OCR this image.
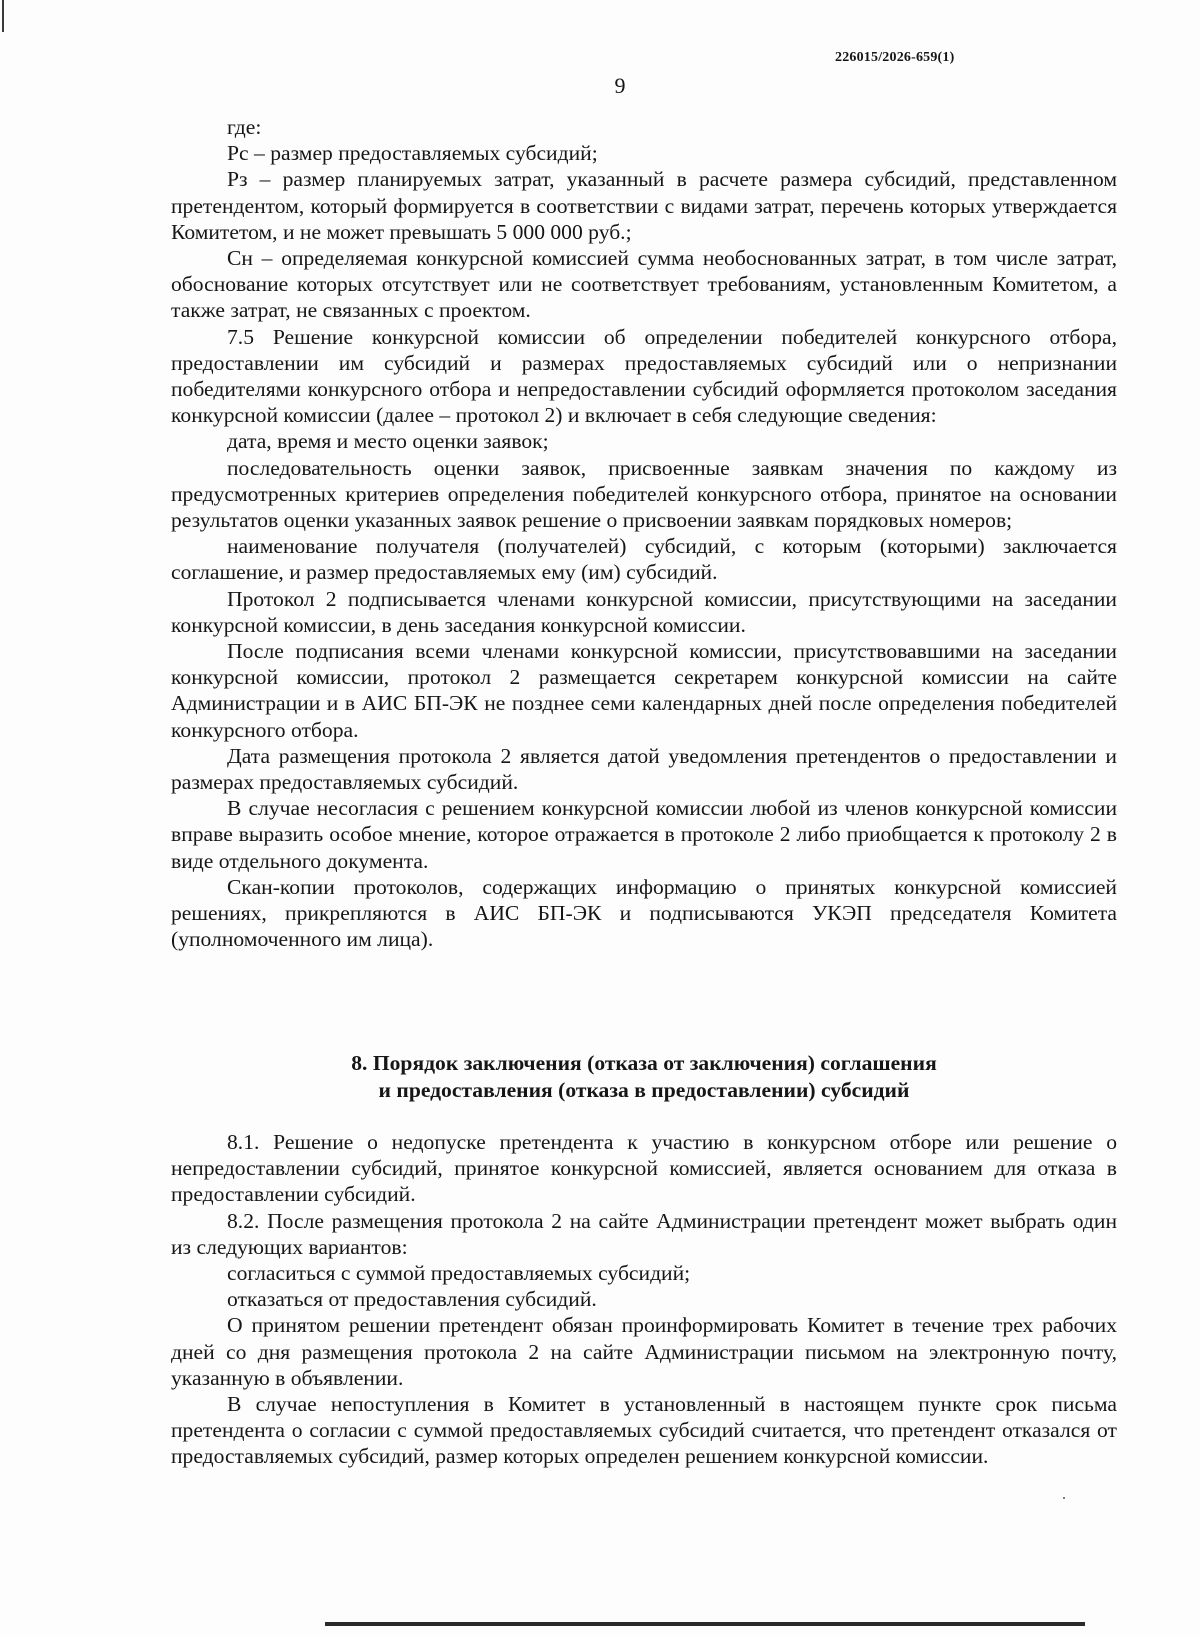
226015/2026-659(1)
9

где:

Рс – размер предоставляемых субсидий;

Рз – размер планируемых затрат, указанный в расчете размера субсидий, представленном претендентом, который формируется в соответствии с видами затрат, перечень которых утверждается Комитетом, и не может превышать 5 000 000 руб.;

Сн – определяемая конкурсной комиссией сумма необоснованных затрат, в том числе затрат, обоснование которых отсутствует или не соответствует требованиям, установленным Комитетом, а также затрат, не связанных с проектом.

7.5 Решение конкурсной комиссии об определении победителей конкурсного отбора, предоставлении им субсидий и размерах предоставляемых субсидий или о непризнании победителями конкурсного отбора и непредоставлении субсидий оформляется протоколом заседания конкурсной комиссии (далее – протокол 2) и включает в себя следующие сведения:

дата, время и место оценки заявок;

последовательность оценки заявок, присвоенные заявкам значения по каждому из предусмотренных критериев определения победителей конкурсного отбора, принятое на основании результатов оценки указанных заявок решение о присвоении заявкам порядковых номеров;

наименование получателя (получателей) субсидий, с которым (которыми) заключается соглашение, и размер предоставляемых ему (им) субсидий.

Протокол 2 подписывается членами конкурсной комиссии, присутствующими на заседании конкурсной комиссии, в день заседания конкурсной комиссии.

После подписания всеми членами конкурсной комиссии, присутствовавшими на заседании конкурсной комиссии, протокол 2 размещается секретарем конкурсной комиссии на сайте Администрации и в АИС БП-ЭК не позднее семи календарных дней после определения победителей конкурсного отбора.

Дата размещения протокола 2 является датой уведомления претендентов о предоставлении и размерах предоставляемых субсидий.

В случае несогласия с решением конкурсной комиссии любой из членов конкурсной комиссии вправе выразить особое мнение, которое отражается в протоколе 2 либо приобщается к протоколу 2 в виде отдельного документа.

Скан-копии протоколов, содержащих информацию о принятых конкурсной комиссией решениях, прикрепляются в АИС БП-ЭК и подписываются УКЭП председателя Комитета (уполномоченного им лица).

8. Порядок заключения (отказа от заключения) соглашения
и предоставления (отказа в предоставлении) субсидий

8.1. Решение о недопуске претендента к участию в конкурсном отборе или решение о непредоставлении субсидий, принятое конкурсной комиссией, является основанием для отказа в предоставлении субсидий.

8.2. После размещения протокола 2 на сайте Администрации претендент может выбрать один из следующих вариантов:

согласиться с суммой предоставляемых субсидий;

отказаться от предоставления субсидий.

О принятом решении претендент обязан проинформировать Комитет в течение трех рабочих дней со дня размещения протокола 2 на сайте Администрации письмом на электронную почту, указанную в объявлении.

В случае непоступления в Комитет в установленный в настоящем пункте срок письма претендента о согласии с суммой предоставляемых субсидий считается, что претендент отказался от предоставляемых субсидий, размер которых определен решением конкурсной комиссии.
